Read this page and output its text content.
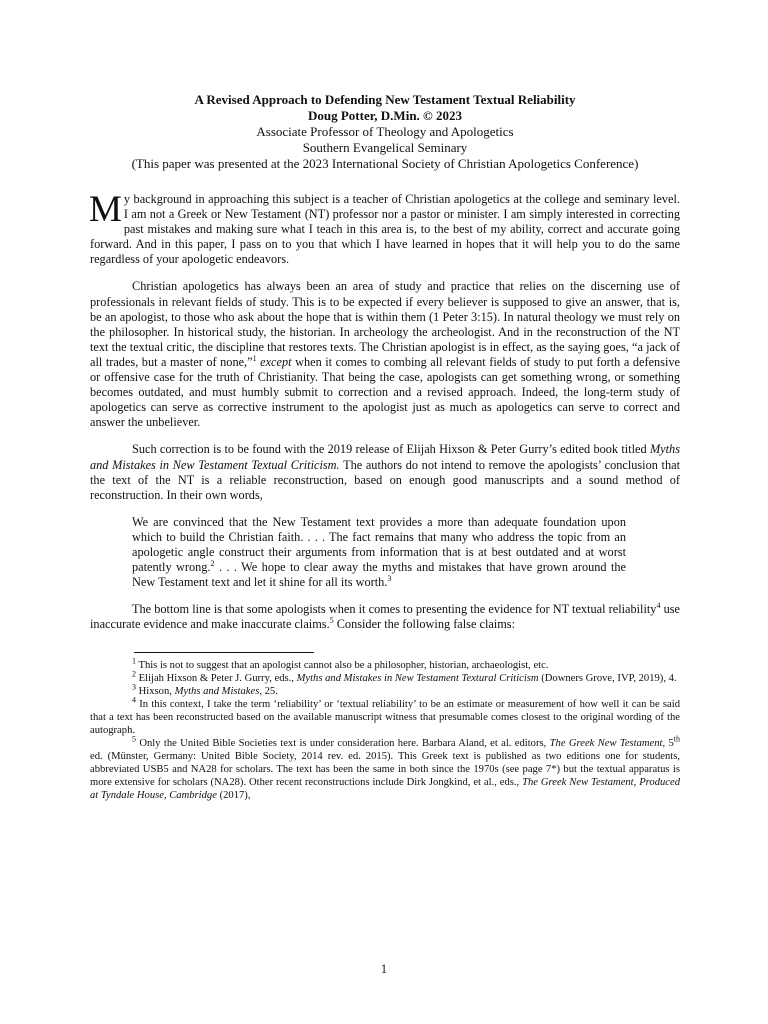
A Revised Approach to Defending New Testament Textual Reliability
Doug Potter, D.Min. © 2023
Associate Professor of Theology and Apologetics
Southern Evangelical Seminary
(This paper was presented at the 2023 International Society of Christian Apologetics Conference)

My background in approaching this subject is a teacher of Christian apologetics at the college and seminary level. I am not a Greek or New Testament (NT) professor nor a pastor or minister. I am simply interested in correcting past mistakes and making sure what I teach in this area is, to the best of my ability, correct and accurate going forward. And in this paper, I pass on to you that which I have learned in hopes that it will help you to do the same regardless of your apologetic endeavors.

Christian apologetics has always been an area of study and practice that relies on the discerning use of professionals in relevant fields of study. This is to be expected if every believer is supposed to give an answer, that is, be an apologist, to those who ask about the hope that is within them (1 Peter 3:15). In natural theology we must rely on the philosopher. In historical study, the historian. In archeology the archeologist. And in the reconstruction of the NT text the textual critic, the discipline that restores texts. The Christian apologist is in effect, as the saying goes, “a jack of all trades, but a master of none,”$^1$ except when it comes to combing all relevant fields of study to put forth a defensive or offensive case for the truth of Christianity. That being the case, apologists can get something wrong, or something becomes outdated, and must humbly submit to correction and a revised approach. Indeed, the long-term study of apologetics can serve as corrective instrument to the apologist just as much as apologetics can serve to correct and answer the unbeliever.

Such correction is to be found with the 2019 release of Elijah Hixson & Peter Gurry’s edited book titled Myths and Mistakes in New Testament Textual Criticism. The authors do not intend to remove the apologists’ conclusion that the text of the NT is a reliable reconstruction, based on enough good manuscripts and a sound method of reconstruction. In their own words,

We are convinced that the New Testament text provides a more than adequate foundation upon which to build the Christian faith. . . . The fact remains that many who address the topic from an apologetic angle construct their arguments from information that is at best outdated and at worst patently wrong.$^2$ . . . We hope to clear away the myths and mistakes that have grown around the New Testament text and let it shine for all its worth.$^3$

The bottom line is that some apologists when it comes to presenting the evidence for NT textual reliability$^4$ use inaccurate evidence and make inaccurate claims.$^5$ Consider the following false claims:

$^1$ This is not to suggest that an apologist cannot also be a philosopher, historian, archaeologist, etc.

$^2$ Elijah Hixson & Peter J. Gurry, eds., Myths and Mistakes in New Testament Textural Criticism (Downers Grove, IVP, 2019), 4.

$^3$ Hixson, Myths and Mistakes, 25.

$^4$ In this context, I take the term ‘reliability’ or ‘textual reliability’ to be an estimate or measurement of how well it can be said that a text has been reconstructed based on the available manuscript witness that presumable comes closest to the original wording of the autograph.

$^5$ Only the United Bible Societies text is under consideration here. Barbara Aland, et al. editors, The Greek New Testament, 5th ed. (Münster, Germany: United Bible Society, 2014 rev. ed. 2015). This Greek text is published as two editions one for students, abbreviated USB5 and NA28 for scholars. The text has been the same in both since the 1970s (see page 7*) but the textual apparatus is more extensive for scholars (NA28). Other recent reconstructions include Dirk Jongkind, et al., eds., The Greek New Testament, Produced at Tyndale House, Cambridge (2017),

1
